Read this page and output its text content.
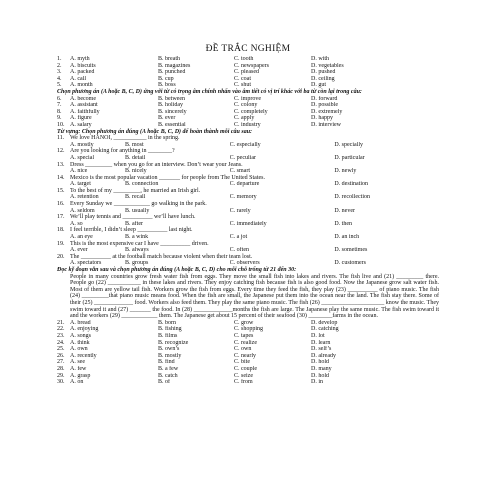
ĐỀ TRẮC NGHIỆM
1.	A. myth	B. breath	C. tooth	D. with
2.	A. biscuits	B. magazines	C. newspapers	D. vegetables
3.	A. packed	B. punched	C. pleased	D. pushed
4.	A. call	B. cup	C. coat	D. ceiling
5.	A. month	B. boss	C. shut	D. gut
Chọn phương án (A hoặc B, C, D) ứng với từ có trọng âm chính nhấn vào âm tiết có vị trí khác với ba từ còn lại trong câu:
6.	A. become	B. between	C. improve	D. forward
7.	A. assistant	B. holiday	C. colony	D. possible
8.	A. faithfully	B. sincerely	C. completely	D. extremely
9.	A. figure	B. ever	C. apply	D. happy
10. A. salary	B. essential	C. industry	D. interview
Từ vựng: Chọn phương án đúng (A hoặc B, C, D) để hoàn thành mỗi câu sau:
11. We love HANOI, ___________ in the spring.
A. mostly	B. most	C. especially	D. specially
12. Are you looking for anything in ________?
A. special	B. detail	C. peculiar	D. particular
13. Dress _________ when you go for an interview. Don’t wear your Jeans.
A. nice	B. nicely	C. smart	D. newly
14. Mexico is the most popular vacation _______ for people from The United States.
A. target	B. connection	C. departure	D. destination
15. To the best of my _________, he married an Irish girl.
A. retention	B. recall	C. memory	D. recollection
16. Every Sunday we ____________ go walking in the park.
A. seldom	B. usually	C. rarely	D. never
17. We’ll play tennis and __________ we’ll have lunch.
A. so	B. after	C. immediately	D. then
18. I feel terrible, I didn’t sleep __________ last night.
A. an eye	B. a wink	C. a jot	D. an inch
19. This is the most expensive car I have __________ driven.
A. ever	B. always	C. often	D. sometimes
20. The __________ at the football match because violent when their team lost.
A. spectators	B. groups	C. observers	D. customers
Đọc kỹ đoạn văn sau và chọn phương án đúng (A hoặc B, C, D) cho mỗi chỗ trống từ 21 đến 30:
People in many countries grow fresh water fish from eggs. They move the small fish into lakes and rivers. The fish live and (21) _________ there. People go (22) ___________ in these lakes and rivers. They enjoy catching fish because fish is also good food. Now the Japanese grow salt water fish. Most of them are yellow tail fish. Workers grow the fish from eggs. Every time they feed the fish, they play (23) __________ of piano music. The fish (24) _________that piano music means food. When the fish are small, the Japanese put them into the ocean near the land. The fish stay there. Some of their (25) _____________ food. Workers also feed them. They play the same piano music. The fish (26) _____________________ know the music. They swim toward it and (27) _______ the food. In (28) _____________months the fish are large. The Japanese play the same music. The fish swim toward it and the workers (29) ____________ them. The Japanese get about 15 percent of their seafood (30) ________farms in the ocean.
21. A. bread	B. born	C. grow	D. develop
22. A. enjoying	B. fishing	C. shopping	D. catching
23. A. songs	B. films	C. tapes	D. lot
24. A. think	B. recognize	C. realize	D. learn
25. A. own	B. own’s	C. own	D. self’s
26. A. recently	B. mostly	C. nearly	D. already
27. A. see	B. find	C. bite	D. hold
28. A. few	B. a few	C. couple	D. many
29. A. grasp	B. catch	C. seize	D. hold
30. A. on	B. of	C. from	D. in
